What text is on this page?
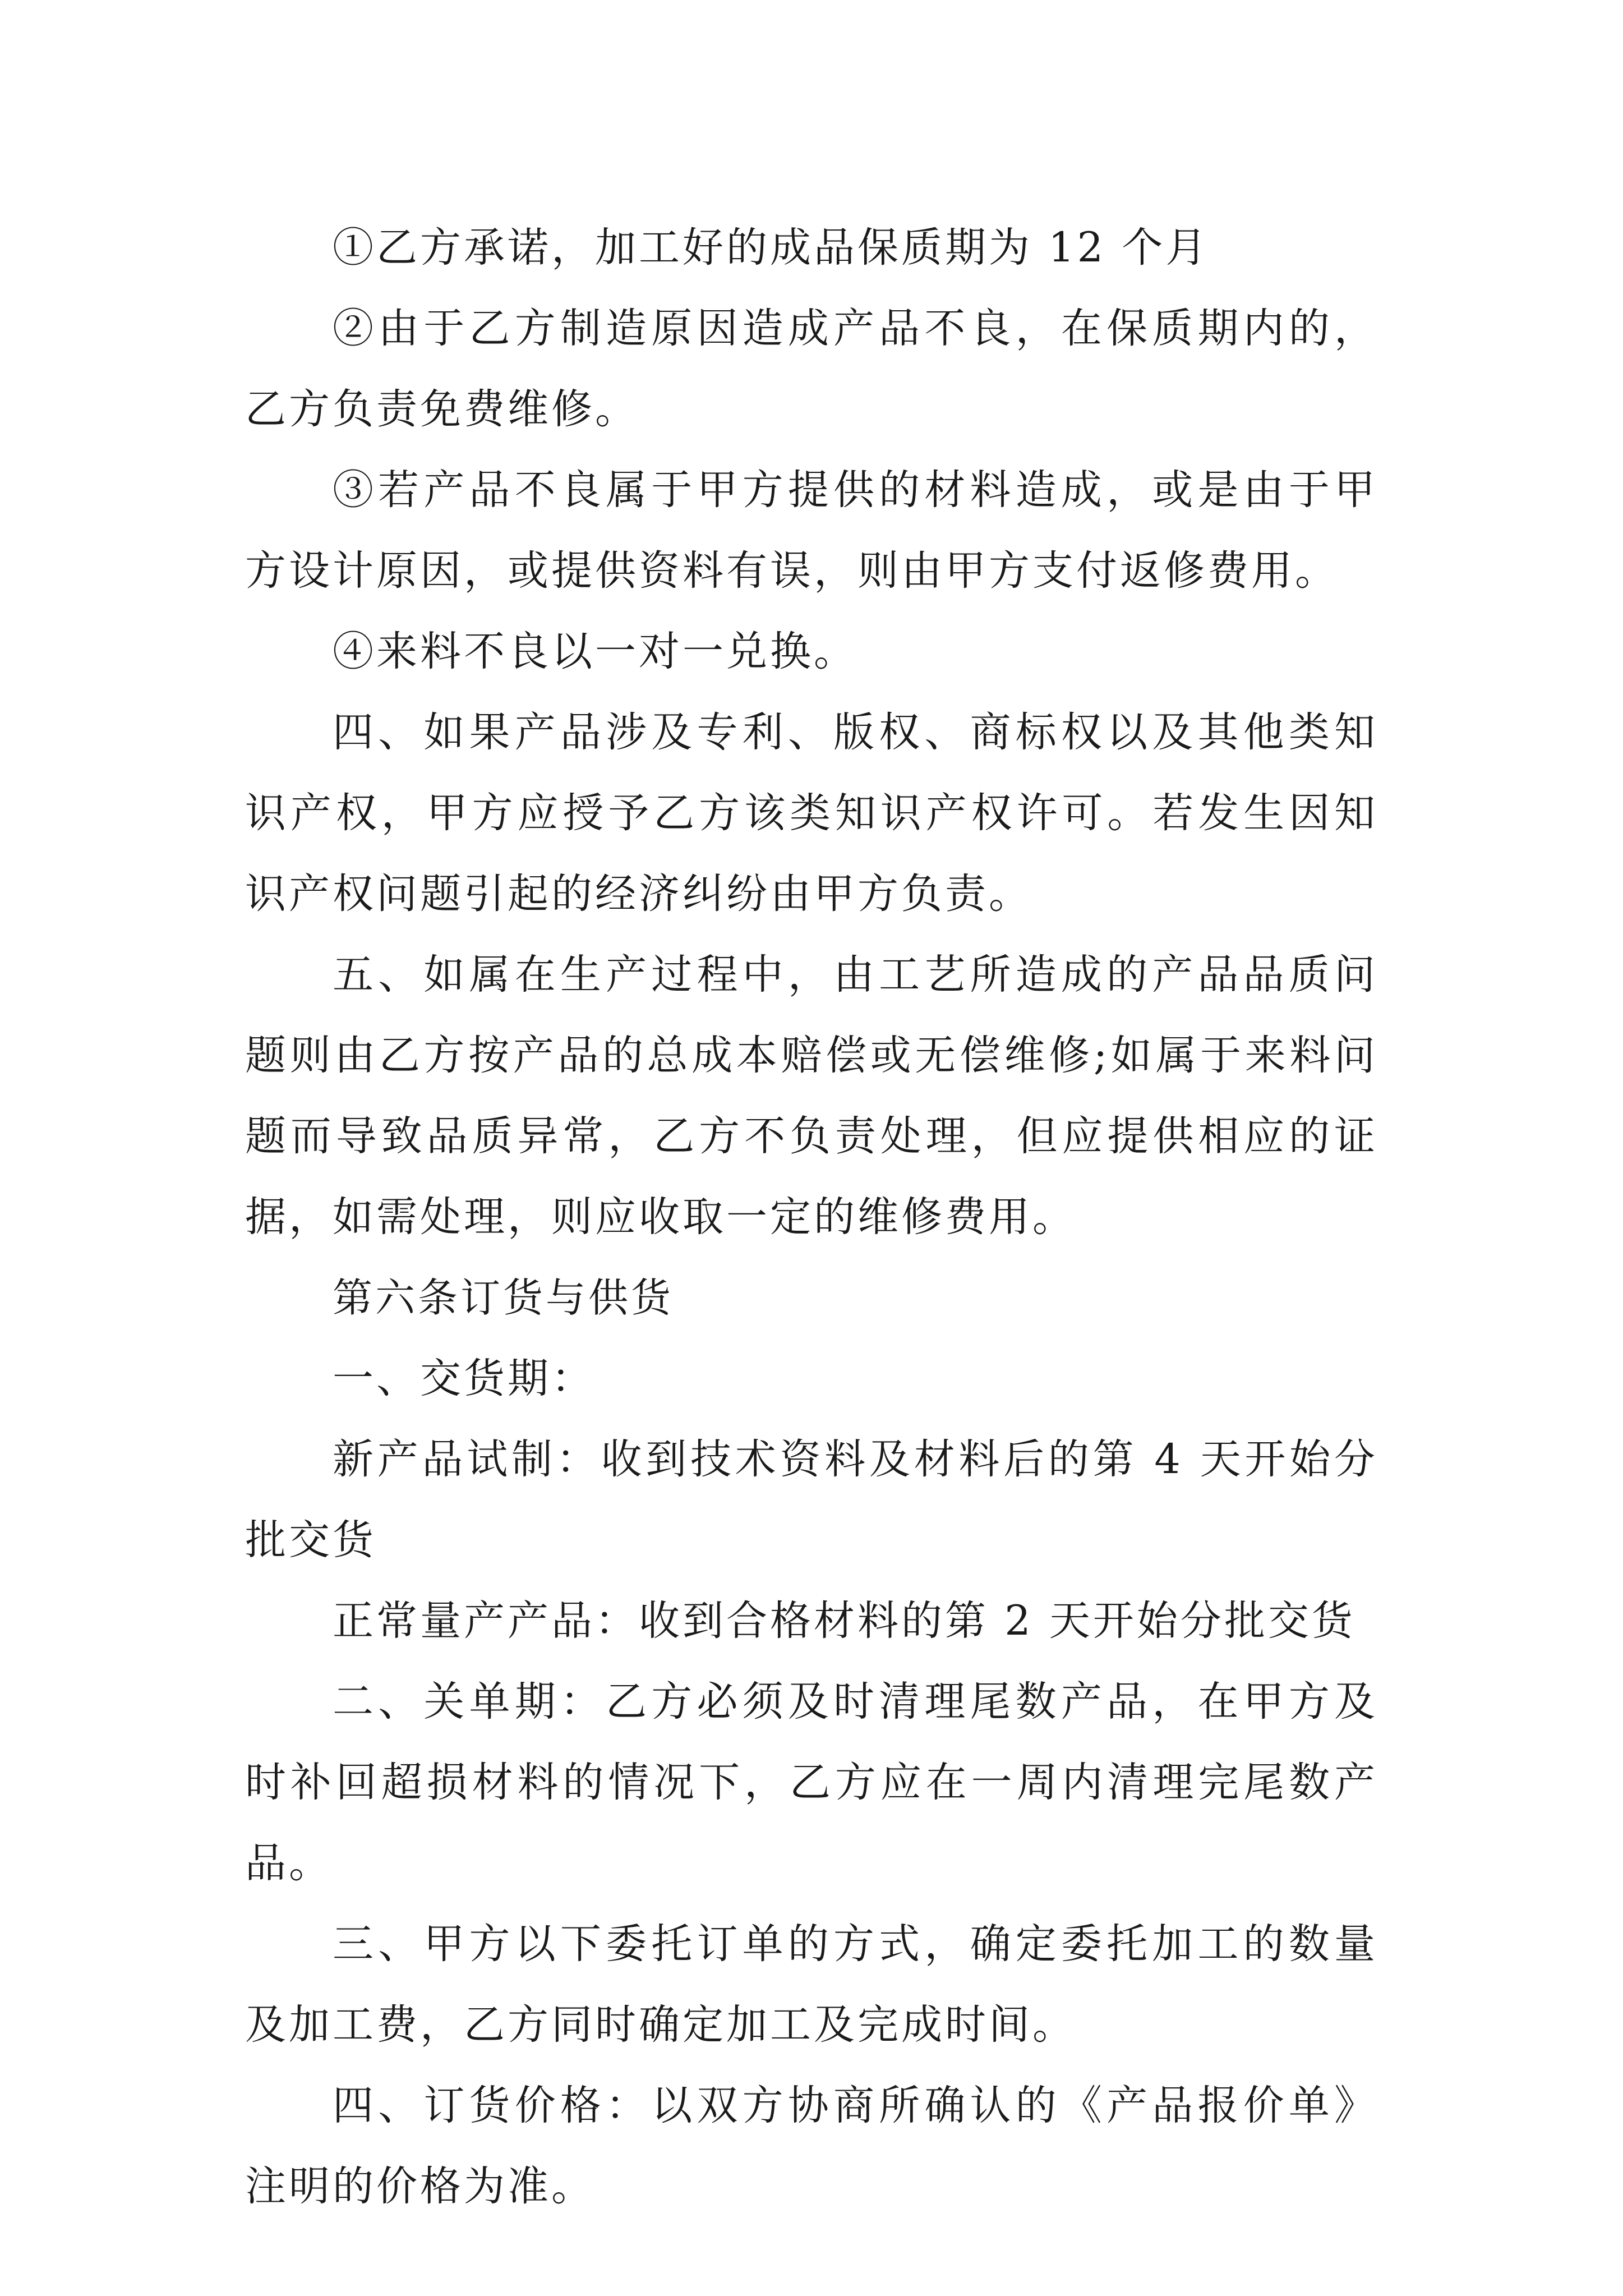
①乙方承诺，加工好的成品保质期为 12 个月

②由于乙方制造原因造成产品不良，在保质期内的，乙方负责免费维修。

③若产品不良属于甲方提供的材料造成，或是由于甲方设计原因，或提供资料有误，则由甲方支付返修费用。

④来料不良以一对一兑换。

四、如果产品涉及专利、版权、商标权以及其他类知识产权，甲方应授予乙方该类知识产权许可。若发生因知识产权问题引起的经济纠纷由甲方负责。

五、如属在生产过程中，由工艺所造成的产品品质问题则由乙方按产品的总成本赔偿或无偿维修;如属于来料问题而导致品质异常，乙方不负责处理，但应提供相应的证据，如需处理，则应收取一定的维修费用。

第六条订货与供货

一、交货期：

新产品试制：收到技术资料及材料后的第 4 天开始分批交货

正常量产产品：收到合格材料的第 2 天开始分批交货

二、关单期：乙方必须及时清理尾数产品，在甲方及时补回超损材料的情况下，乙方应在一周内清理完尾数产品。

三、甲方以下委托订单的方式，确定委托加工的数量及加工费，乙方同时确定加工及完成时间。

四、订货价格：以双方协商所确认的《产品报价单》注明的价格为准。
